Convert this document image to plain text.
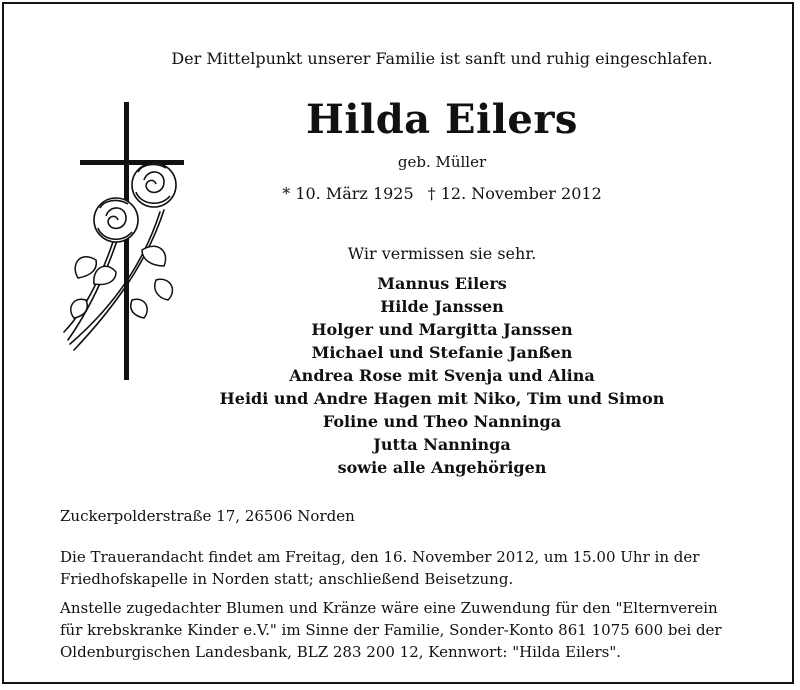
Der Mittelpunkt unserer Familie ist sanft und ruhig eingeschlafen.
Hilda Eilers
geb. Müller
* 10. März 1925 † 12. November 2012
Wir vermissen sie sehr.
Mannus Eilers
Hilde Janssen
Holger und Margitta Janssen
Michael und Stefanie Janßen
Andrea Rose mit Svenja und Alina
Heidi und Andre Hagen mit Niko, Tim und Simon
Foline und Theo Nanninga
Jutta Nanninga
sowie alle Angehörigen
Zuckerpolderstraße 17, 26506 Norden
Die Trauerandacht findet am Freitag, den 16. November 2012, um 15.00 Uhr in der
Friedhofskapelle in Norden statt; anschließend Beisetzung.
Anstelle zugedachter Blumen und Kränze wäre eine Zuwendung für den "Elternverein
für krebskranke Kinder e.V." im Sinne der Familie, Sonder-Konto 861 1075 600 bei der
Oldenburgischen Landesbank, BLZ 283 200 12, Kennwort: "Hilda Eilers".
